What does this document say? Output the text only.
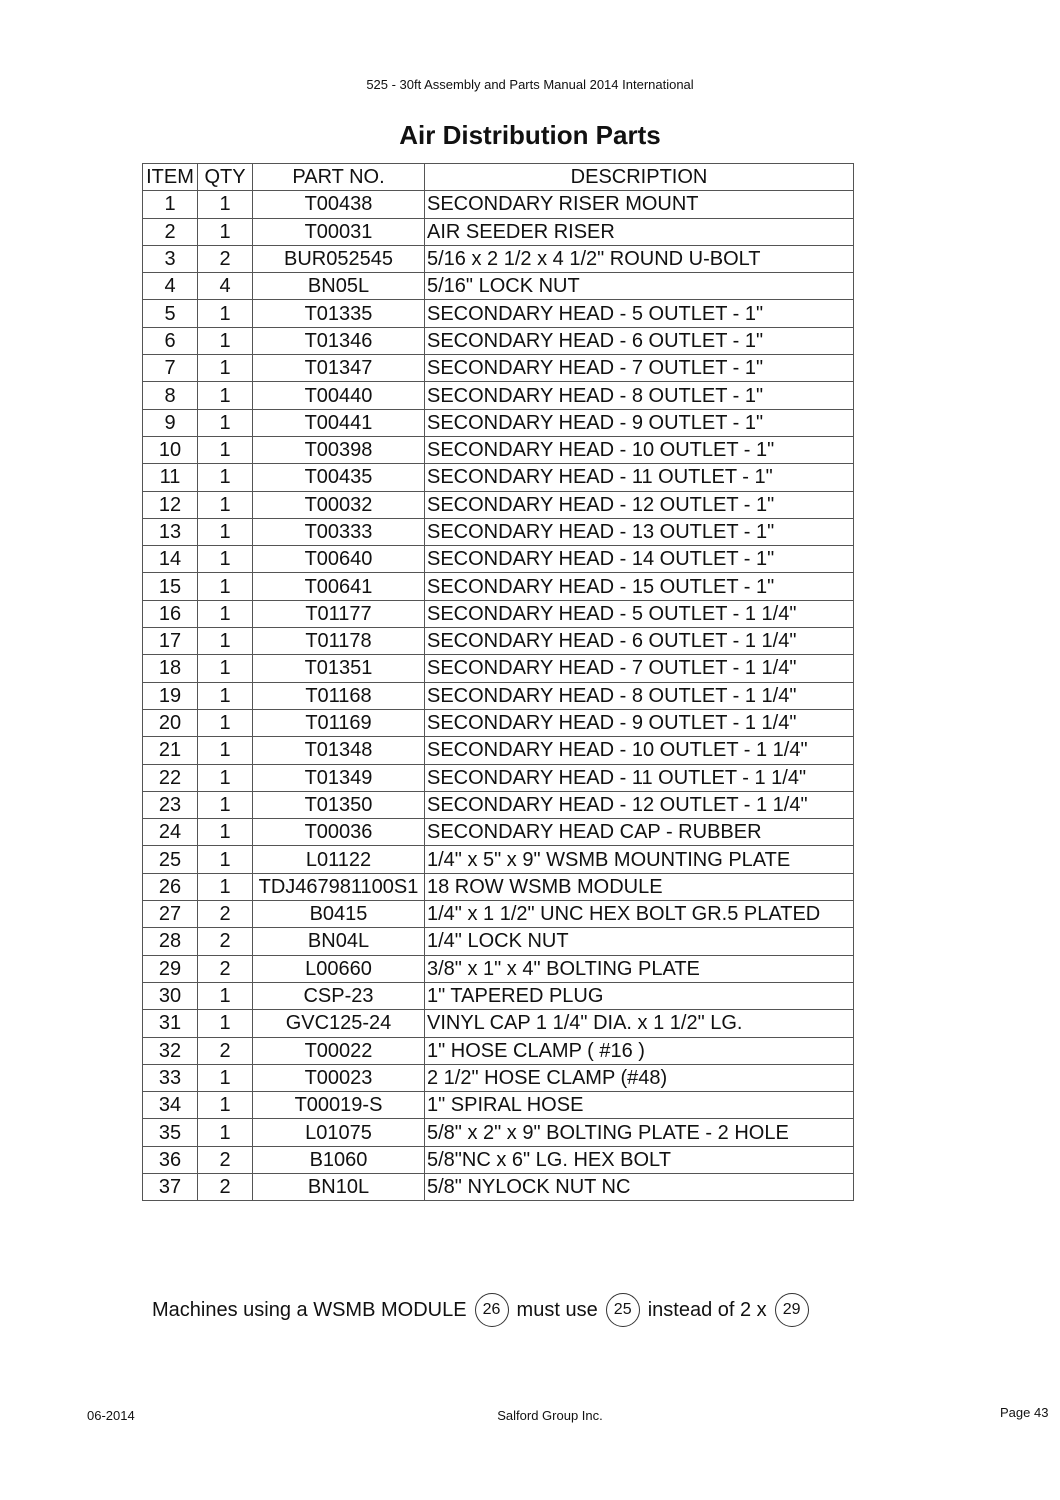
525 - 30ft Assembly and Parts Manual 2014 International
Air Distribution Parts
ITEM	QTY	PART NO.	DESCRIPTION
1	1	T00438	SECONDARY RISER MOUNT
2	1	T00031	AIR SEEDER RISER
3	2	BUR052545	5/16 x 2 1/2 x 4 1/2" ROUND U-BOLT
4	4	BN05L	5/16" LOCK NUT
5	1	T01335	SECONDARY HEAD - 5 OUTLET - 1"
6	1	T01346	SECONDARY HEAD - 6 OUTLET - 1"
7	1	T01347	SECONDARY HEAD - 7 OUTLET - 1"
8	1	T00440	SECONDARY HEAD - 8 OUTLET - 1"
9	1	T00441	SECONDARY HEAD - 9 OUTLET - 1"
10	1	T00398	SECONDARY HEAD - 10 OUTLET - 1"
11	1	T00435	SECONDARY HEAD - 11 OUTLET - 1"
12	1	T00032	SECONDARY HEAD - 12 OUTLET - 1"
13	1	T00333	SECONDARY HEAD - 13 OUTLET - 1"
14	1	T00640	SECONDARY HEAD - 14 OUTLET - 1"
15	1	T00641	SECONDARY HEAD - 15 OUTLET - 1"
16	1	T01177	SECONDARY HEAD - 5 OUTLET - 1 1/4"
17	1	T01178	SECONDARY HEAD - 6 OUTLET - 1 1/4"
18	1	T01351	SECONDARY HEAD - 7 OUTLET - 1 1/4"
19	1	T01168	SECONDARY HEAD - 8 OUTLET - 1 1/4"
20	1	T01169	SECONDARY HEAD - 9 OUTLET - 1 1/4"
21	1	T01348	SECONDARY HEAD - 10 OUTLET - 1 1/4"
22	1	T01349	SECONDARY HEAD - 11 OUTLET - 1 1/4"
23	1	T01350	SECONDARY HEAD - 12 OUTLET - 1 1/4"
24	1	T00036	SECONDARY HEAD CAP - RUBBER
25	1	L01122	1/4" x 5" x 9" WSMB MOUNTING PLATE
26	1	TDJ467981100S1	18 ROW WSMB MODULE
27	2	B0415	1/4" x 1 1/2" UNC HEX BOLT GR.5 PLATED
28	2	BN04L	1/4" LOCK NUT
29	2	L00660	3/8" x 1" x 4" BOLTING PLATE
30	1	CSP-23	1" TAPERED PLUG
31	1	GVC125-24	VINYL CAP 1 1/4" DIA. x 1 1/2" LG.
32	2	T00022	1" HOSE CLAMP ( #16 )
33	1	T00023	2 1/2" HOSE CLAMP (#48)
34	1	T00019-S	1" SPIRAL HOSE
35	1	L01075	5/8" x 2" x 9" BOLTING PLATE - 2 HOLE
36	2	B1060	5/8"NC x 6" LG. HEX BOLT
37	2	BN10L	5/8" NYLOCK NUT NC
Machines using a WSMB MODULE	26 must use	25 instead of 2 x	29
06-2014	Salford Group Inc.	Page 43
